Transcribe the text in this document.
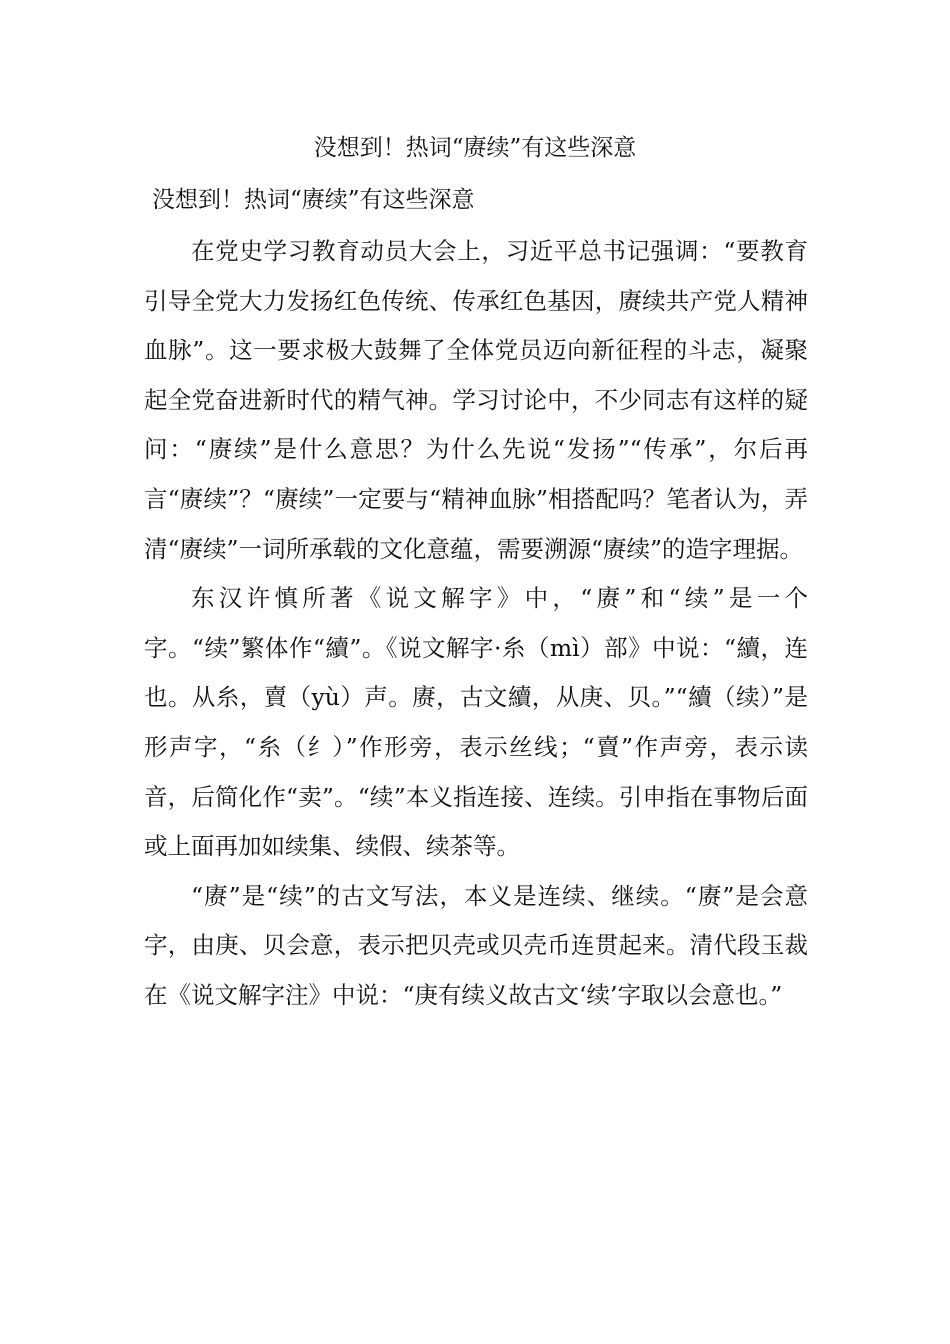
没想到！热词“赓续”有这些深意
没想到！热词“赓续”有这些深意

在党史学习教育动员大会上，习近平总书记强调：“要教育引导全党大力发扬红色传统、传承红色基因，赓续共产党人精神血脉”。这一要求极大鼓舞了全体党员迈向新征程的斗志，凝聚起全党奋进新时代的精气神。学习讨论中，不少同志有这样的疑问：“赓续”是什么意思？为什么先说“发扬”“传承”，尔后再言“赓续”？“赓续”一定要与“精神血脉”相搭配吗？笔者认为，弄清“赓续”一词所承载的文化意蕴，需要溯源“赓续”的造字理据。

东汉许慎所著《说文解字》中，“赓”和“续”是一个字。“续”繁体作“續”。《说文解字·糸（mì）部》中说：“續，连也。从糸，賣（yù）声。赓，古文續，从庚、贝。”“續（续）”是形声字，“糸（纟）”作形旁，表示丝线；“賣”作声旁，表示读音，后简化作“卖”。“续”本义指连接、连续。引申指在事物后面或上面再加如续集、续假、续茶等。

“赓”是“续”的古文写法，本义是连续、继续。“赓”是会意字，由庚、贝会意，表示把贝壳或贝壳币连贯起来。清代段玉裁在《说文解字注》中说：“庚有续义故古文‘续’字取以会意也。”
